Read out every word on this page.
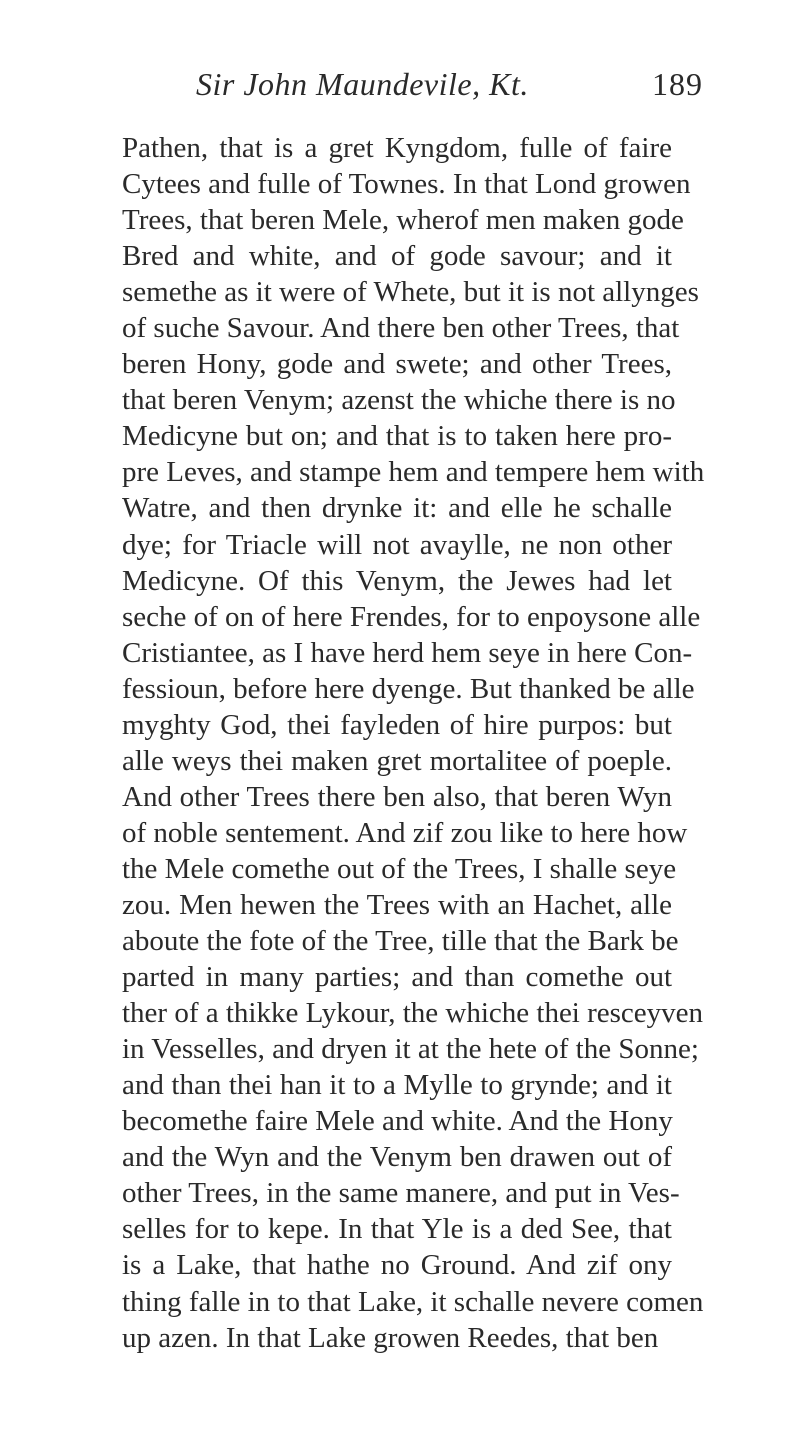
Sir John Maundevile, Kt.	189
Pathen, that is a gret Kyngdom, fulle of faire
Cytees and fulle of Townes. In that Lond growen
Trees, that beren Mele, wherof men maken gode
Bred and white, and of gode savour; and it
semethe as it were of Whete, but it is not allynges
of suche Savour. And there ben other Trees, that
beren Hony, gode and swete; and other Trees,
that beren Venym; azenst the whiche there is no
Medicyne but on; and that is to taken here pro-
pre Leves, and stampe hem and tempere hem with
Watre, and then drynke it: and elle he schalle
dye; for Triacle will not avaylle, ne non other
Medicyne. Of this Venym, the Jewes had let
seche of on of here Frendes, for to enpoysone alle
Cristiantee, as I have herd hem seye in here Con-
fessioun, before here dyenge. But thanked be alle
myghty God, thei fayleden of hire purpos: but
alle weys thei maken gret mortalitee of poeple.
And other Trees there ben also, that beren Wyn
of noble sentement. And zif zou like to here how
the Mele comethe out of the Trees, I shalle seye
zou. Men hewen the Trees with an Hachet, alle
aboute the fote of the Tree, tille that the Bark be
parted in many parties; and than comethe out
ther of a thikke Lykour, the whiche thei resceyven
in Vesselles, and dryen it at the hete of the Sonne;
and than thei han it to a Mylle to grynde; and it
becomethe faire Mele and white. And the Hony
and the Wyn and the Venym ben drawen out of
other Trees, in the same manere, and put in Ves-
selles for to kepe. In that Yle is a ded See, that
is a Lake, that hathe no Ground. And zif ony
thing falle in to that Lake, it schalle nevere comen
up azen. In that Lake growen Reedes, that ben
